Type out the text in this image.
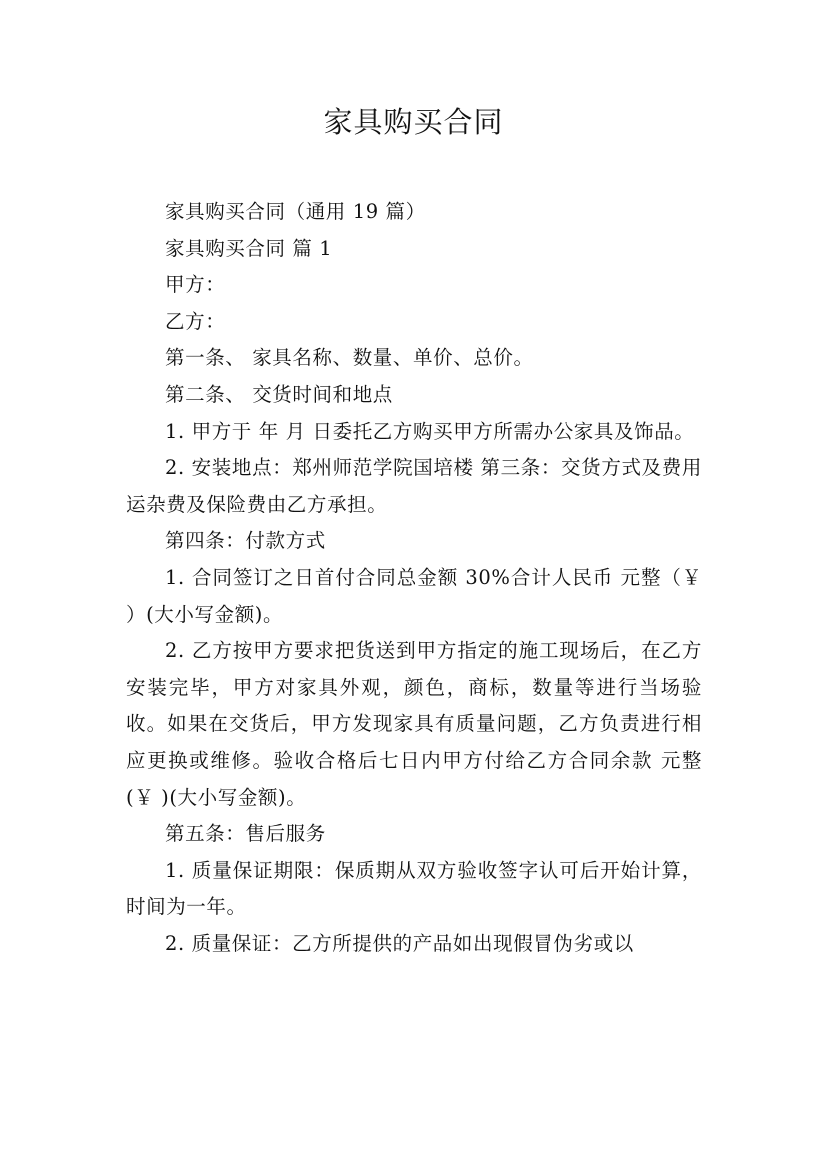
家具购买合同

家具购买合同（通用 19 篇）

家具购买合同 篇 1

甲方：

乙方：

第一条、 家具名称、数量、单价、总价。

第二条、 交货时间和地点

1. 甲方于 年 月 日委托乙方购买甲方所需办公家具及饰品。

2. 安装地点：郑州师范学院国培楼 第三条：交货方式及费用运杂费及保险费由乙方承担。

第四条：付款方式

1. 合同签订之日首付合同总金额 30%合计人民币 元整（￥ ）(大小写金额)。

2. 乙方按甲方要求把货送到甲方指定的施工现场后，在乙方安装完毕，甲方对家具外观，颜色，商标，数量等进行当场验收。如果在交货后，甲方发现家具有质量问题，乙方负责进行相应更换或维修。验收合格后七日内甲方付给乙方合同余款 元整(￥ )(大小写金额)。

第五条：售后服务

1. 质量保证期限：保质期从双方验收签字认可后开始计算，时间为一年。

2. 质量保证：乙方所提供的产品如出现假冒伪劣或以
